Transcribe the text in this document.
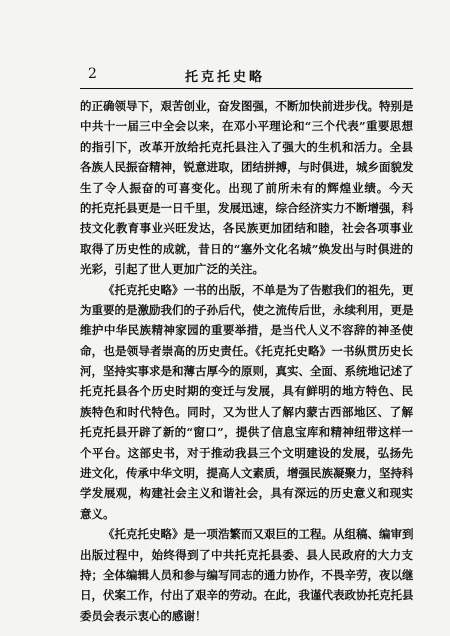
2	托克托史略
的正确领导下，艰苦创业，奋发图强，不断加快前进步伐。特别是
中共十一届三中全会以来，在邓小平理论和“三个代表”重要思想
的指引下，改革开放给托克托县注入了强大的生机和活力。全县
各族人民振奋精神，锐意进取，团结拼搏，与时俱进，城乡面貌发
生了令人振奋的可喜变化。出现了前所未有的辉煌业绩。今天
的托克托县更是一日千里，发展迅速，综合经济实力不断增强，科
技文化教育事业兴旺发达，各民族更加团结和睦，社会各项事业
取得了历史性的成就，昔日的“塞外文化名城”焕发出与时俱进的
光彩，引起了世人更加广泛的关注。
《托克托史略》一书的出版，不单是为了告慰我们的祖先，更
为重要的是激励我们的子孙后代，使之流传后世，永续利用，更是
维护中华民族精神家园的重要举措，是当代人义不容辞的神圣使
命，也是领导者崇高的历史责任。《托克托史略》一书纵贯历史长
河，坚持实事求是和薄古厚今的原则，真实、全面、系统地记述了
托克托县各个历史时期的变迁与发展，具有鲜明的地方特色、民
族特色和时代特色。同时，又为世人了解内蒙古西部地区、了解
托克托县开辟了新的“窗口”，提供了信息宝库和精神纽带这样一
个平台。这部史书，对于推动我县三个文明建设的发展，弘扬先
进文化，传承中华文明，提高人文素质，增强民族凝聚力，坚持科
学发展观，构建社会主义和谐社会，具有深远的历史意义和现实
意义。
《托克托史略》是一项浩繁而又艰巨的工程。从组稿、编审到
出版过程中，始终得到了中共托克托县委、县人民政府的大力支
持；全体编辑人员和参与编写同志的通力协作，不畏辛劳，夜以继
日，伏案工作，付出了艰辛的劳动。在此，我谨代表政协托克托县
委员会表示衷心的感谢！
